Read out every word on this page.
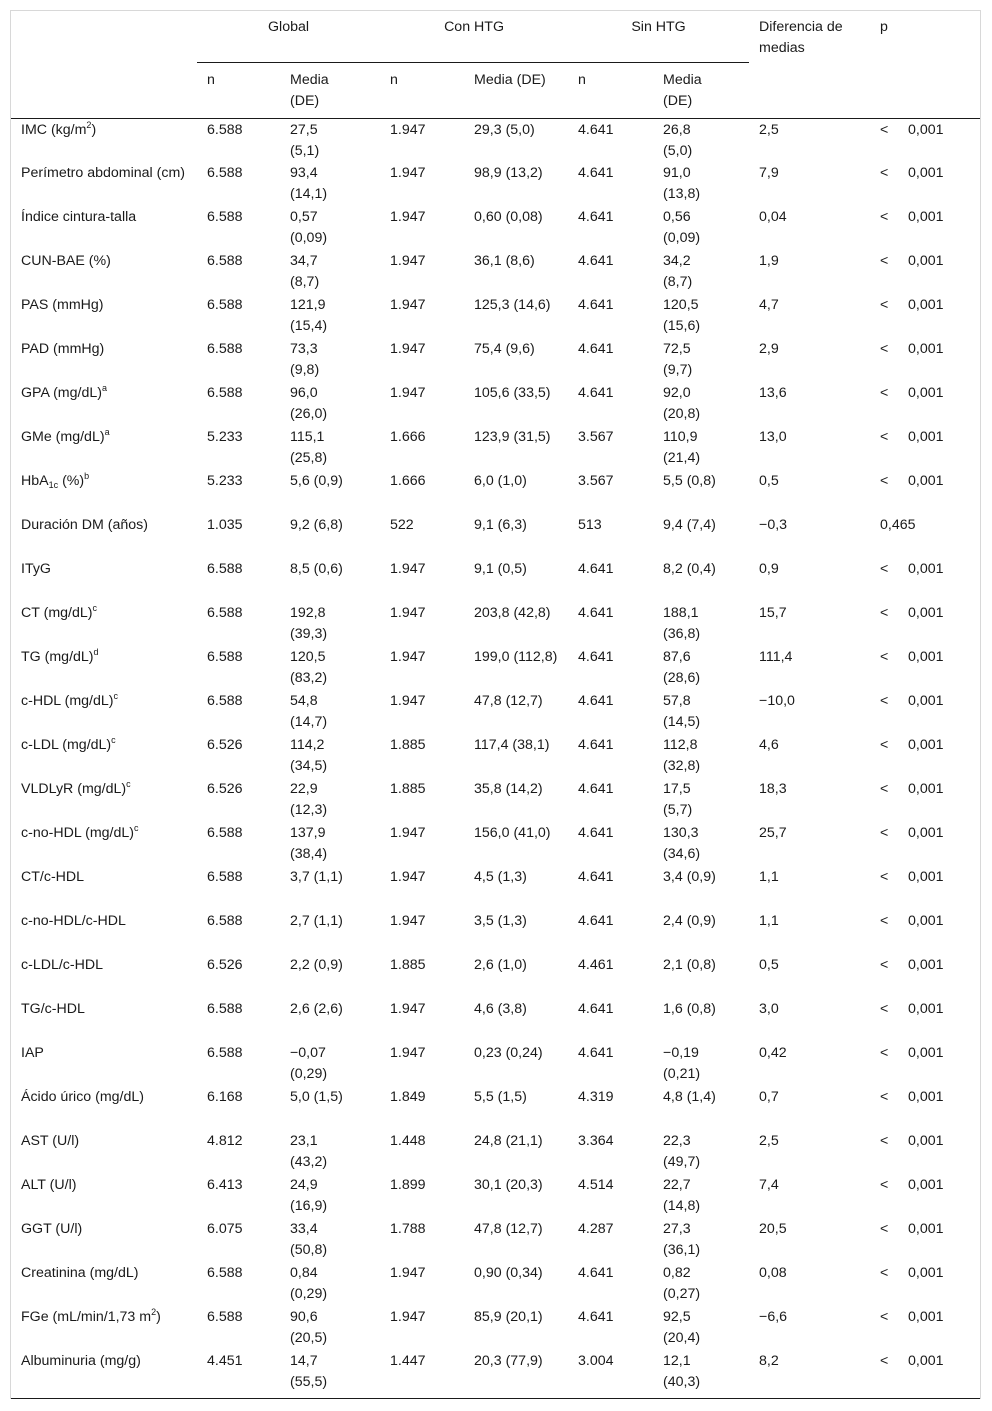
	Global		Con HTG		Sin HTG		Diferencia de medias	p
	n	Media (DE)	n	Media (DE)	n	Media (DE)		
IMC $(kg/m^2)$	6.588	27,5 (5,1)	1.947	29,3 (5,0)	4.641	26,8 (5,0)	2,5	< 0,001
Perímetro abdominal (cm)	6.588	93,4 (14,1)	1.947	98,9 (13,2)	4.641	91,0 (13,8)	7,9	< 0,001
Índice cintura-talla	6.588	0,57 (0,09)	1.947	0,60 (0,08)	4.641	0,56 (0,09)	0,04	< 0,001
CUN-BAE (%)	6.588	34,7 (8,7)	1.947	36,1 (8,6)	4.641	34,2 (8,7)	1,9	< 0,001
PAS (mmHg)	6.588	121,9 (15,4)	1.947	125,3 (14,6)	4.641	120,5 (15,6)	4,7	< 0,001
PAD (mmHg)	6.588	73,3 (9,8)	1.947	75,4 (9,6)	4.641	72,5 (9,7)	2,9	< 0,001
GPA $(mg/dL)^a$	6.588	96,0 (26,0)	1.947	105,6 (33,5)	4.641	92,0 (20,8)	13,6	< 0,001
GMe $(mg/dL)^a$	5.233	115,1 (25,8)	1.666	123,9 (31,5)	3.567	110,9 (21,4)	13,0	< 0,001
HbA$_{1c}$ (%)$^b$	5.233	5,6 (0,9)	1.666	6,0 (1,0)	3.567	5,5 (0,8)	0,5	< 0,001
Duración DM (años)	1.035	9,2 (6,8)	522	9,1 (6,3)	513	9,4 (7,4)	−0,3	0,465
ITyG	6.588	8,5 (0,6)	1.947	9,1 (0,5)	4.641	8,2 (0,4)	0,9	< 0,001
CT $(mg/dL)^c$	6.588	192,8 (39,3)	1.947	203,8 (42,8)	4.641	188,1 (36,8)	15,7	< 0,001
TG $(mg/dL)^d$	6.588	120,5 (83,2)	1.947	199,0 (112,8)	4.641	87,6 (28,6)	111,4	< 0,001
c-HDL $(mg/dL)^c$	6.588	54,8 (14,7)	1.947	47,8 (12,7)	4.641	57,8 (14,5)	−10,0	< 0,001
c-LDL $(mg/dL)^c$	6.526	114,2 (34,5)	1.885	117,4 (38,1)	4.641	112,8 (32,8)	4,6	< 0,001
VLDLyR $(mg/dL)^c$	6.526	22,9 (12,3)	1.885	35,8 (14,2)	4.641	17,5 (5,7)	18,3	< 0,001
c-no-HDL $(mg/dL)^c$	6.588	137,9 (38,4)	1.947	156,0 (41,0)	4.641	130,3 (34,6)	25,7	< 0,001
CT/c-HDL	6.588	3,7 (1,1)	1.947	4,5 (1,3)	4.641	3,4 (0,9)	1,1	< 0,001
c-no-HDL/c-HDL	6.588	2,7 (1,1)	1.947	3,5 (1,3)	4.641	2,4 (0,9)	1,1	< 0,001
c-LDL/c-HDL	6.526	2,2 (0,9)	1.885	2,6 (1,0)	4.461	2,1 (0,8)	0,5	< 0,001
TG/c-HDL	6.588	2,6 (2,6)	1.947	4,6 (3,8)	4.641	1,6 (0,8)	3,0	< 0,001
IAP	6.588	−0,07 (0,29)	1.947	0,23 (0,24)	4.641	−0,19 (0,21)	0,42	< 0,001
Ácido úrico (mg/dL)	6.168	5,0 (1,5)	1.849	5,5 (1,5)	4.319	4,8 (1,4)	0,7	< 0,001
AST (U/l)	4.812	23,1 (43,2)	1.448	24,8 (21,1)	3.364	22,3 (49,7)	2,5	< 0,001
ALT (U/l)	6.413	24,9 (16,9)	1.899	30,1 (20,3)	4.514	22,7 (14,8)	7,4	< 0,001
GGT (U/l)	6.075	33,4 (50,8)	1.788	47,8 (12,7)	4.287	27,3 (36,1)	20,5	< 0,001
Creatinina (mg/dL)	6.588	0,84 (0,29)	1.947	0,90 (0,34)	4.641	0,82 (0,27)	0,08	< 0,001
FGe (mL/min/1,73 $m^2$)	6.588	90,6 (20,5)	1.947	85,9 (20,1)	4.641	92,5 (20,4)	−6,6	< 0,001
Albuminuria (mg/g)	4.451	14,7 (55,5)	1.447	20,3 (77,9)	3.004	12,1 (40,3)	8,2	< 0,001
